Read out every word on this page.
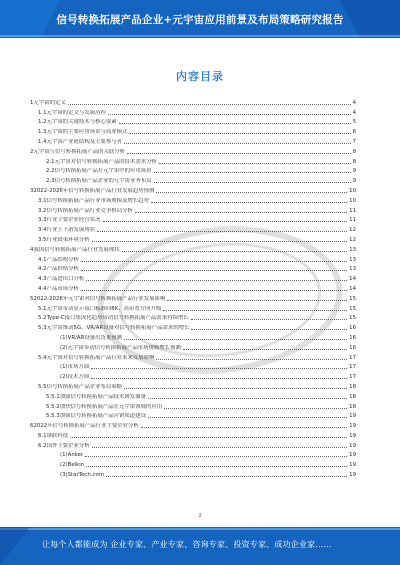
信号转换拓展产品企业+元宇宙应用前景及布局策略研究报告
内容目录
1 元宇宙的定义	4
1.1 元宇宙的定义与发展历程	4
1.2 元宇宙的关键技术与核心要素	5
1.3 元宇宙的主要应用场景与商业模式	6
1.4 元宇宙产业链结构及主要参与者	7
2 元宇宙与信号转换拓展产品的关联分析	8
2.1 元宇宙对信号转换拓展产品的技术需求分析	8
2.2 信号转换拓展产品在元宇宙中的应用场景	9
2.3 信号转换拓展产品企业的元宇宙业务布局	9
3 2022-2026年信号转换拓展产品行业发展趋势预测	10
3.1 信号转换拓展产品行业市场规模及增长趋势	10
3.2 信号转换拓展产品行业竞争格局分析	11
3.3 行业主要企业经营状况	11
3.4 行业上下游发展现状	12
3.5 行业政策环境分析	12
4 我国信号转换拓展产品行业发展现状	13
4.1 产品结构分析	13
4.2 产品价格分析	13
4.3 产品进出口分析	14
4.4 产品市场分析	14
5 2022-2026年元宇宙对信号转换拓展产品行业发展影响	15
5.1 元宇宙带动显示接口标准向8K、高带宽方向升级	15
5.2 Type-C接口集成化趋势带动信号转换拓展产品需求持续增长	15
5.3 元宇宙推动5G、VR/AR设备对信号转换拓展产品需求的增长	16
(1) VR/AR设备出货量预测	16
(2) 元宇宙带动信号转换拓展产品市场规模增长预测	16
5.4 元宇宙对信号转换拓展产品行业未来发展影响	17
(1) 市场方面	17
(2) 技术方面	17
5.5 信号转换拓展产品企业布局策略	18
5.5.1 加强信号转换拓展产品技术研发储备	18
5.5.2 加快信号转换拓展产品在元宇宙领域的应用	18
5.5.3 加强信号转换拓展产品营销渠道建设	19
6 2022年信号转换拓展产品行业主要企业分析	19
6.1 绿联科技	19
6.2 国外主要企业分析	19
(1) Anker	19
(2) Belkin	19
(3) StarTech.com	19
2
让每个人都能成为 企业专家、产业专家、咨询专家、投资专家、成功企业家……
